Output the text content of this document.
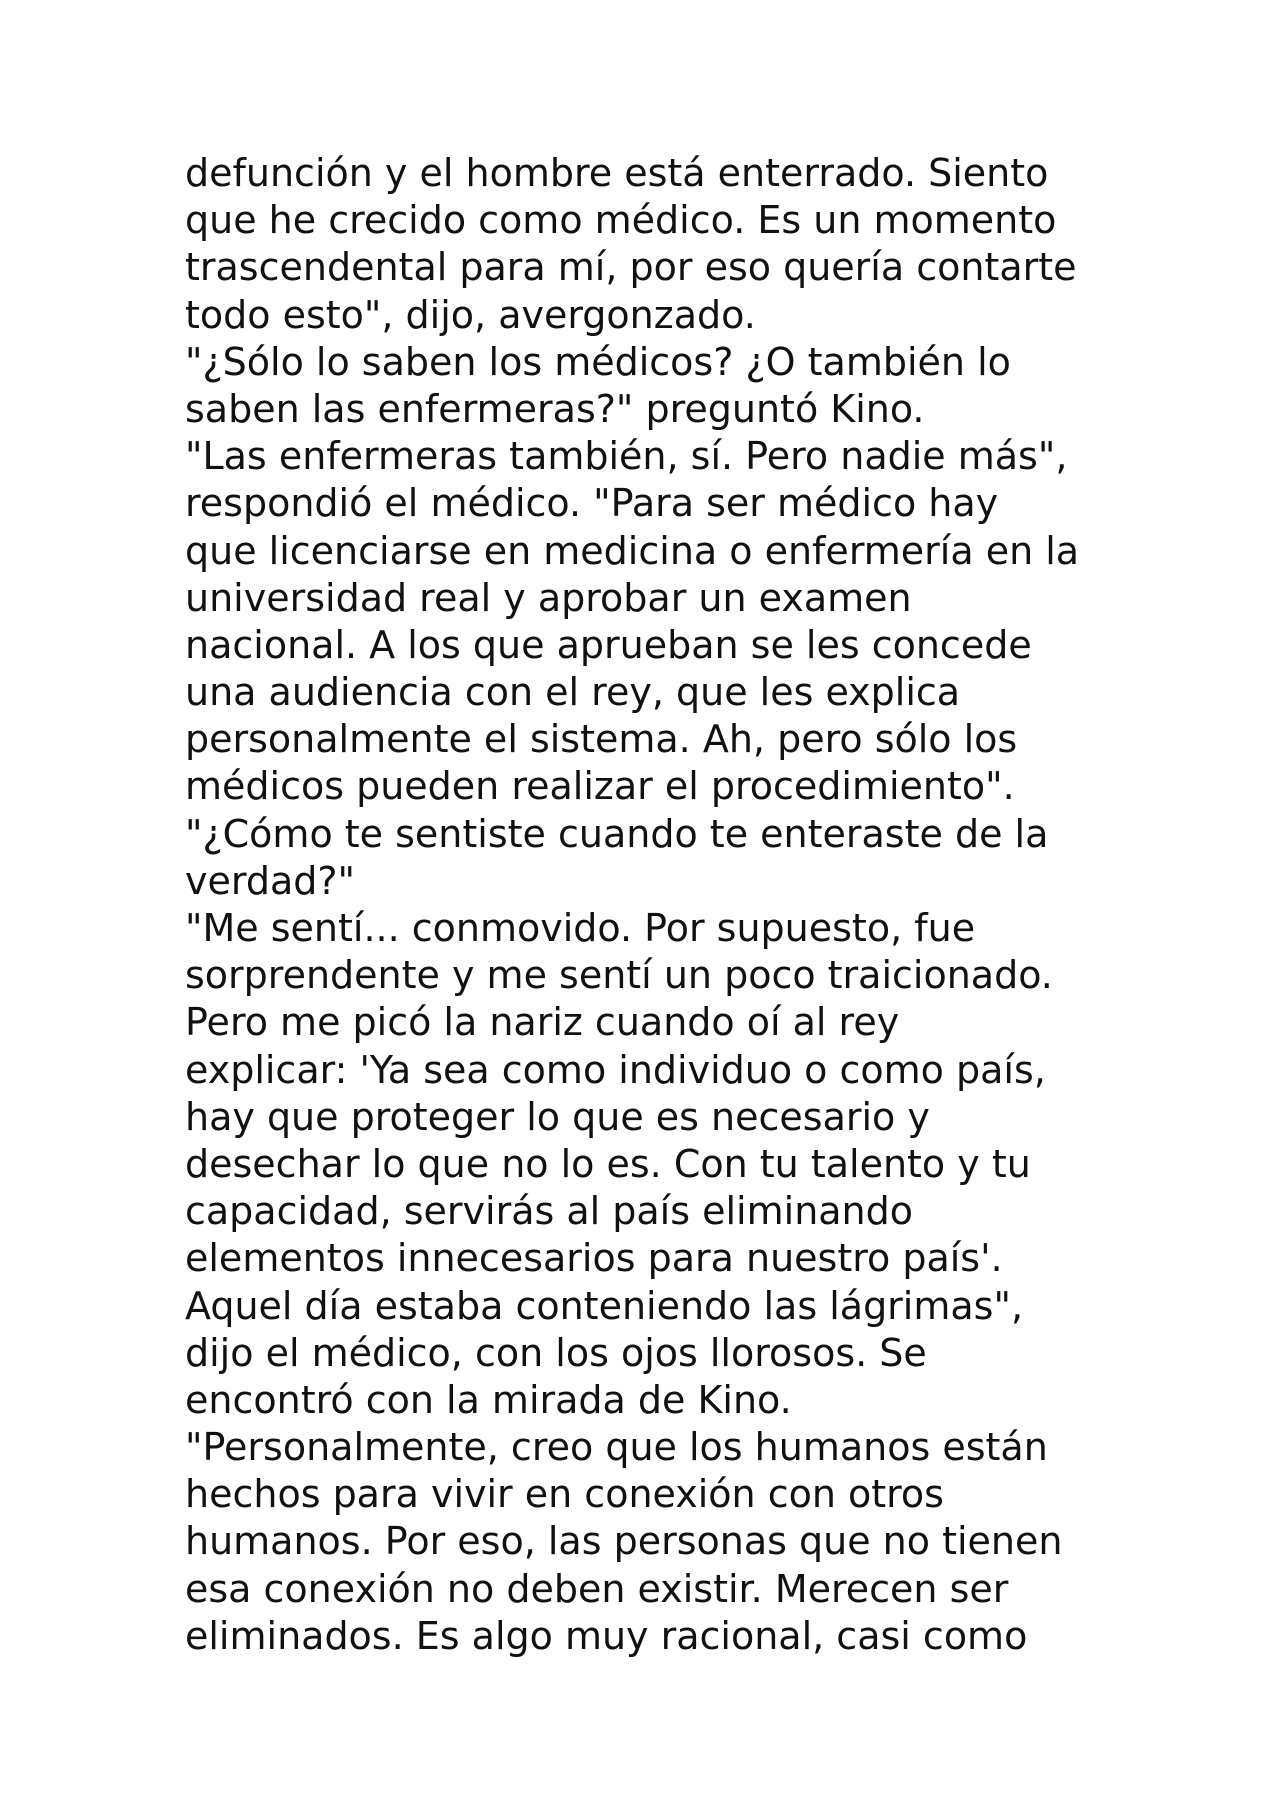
defunción y el hombre está enterrado. Siento
que he crecido como médico. Es un momento
trascendental para mí, por eso quería contarte
todo esto", dijo, avergonzado.
"¿Sólo lo saben los médicos? ¿O también lo
saben las enfermeras?" preguntó Kino.
"Las enfermeras también, sí. Pero nadie más",
respondió el médico. "Para ser médico hay
que licenciarse en medicina o enfermería en la
universidad real y aprobar un examen
nacional. A los que aprueban se les concede
una audiencia con el rey, que les explica
personalmente el sistema. Ah, pero sólo los
médicos pueden realizar el procedimiento".
"¿Cómo te sentiste cuando te enteraste de la
verdad?"
"Me sentí... conmovido. Por supuesto, fue
sorprendente y me sentí un poco traicionado.
Pero me picó la nariz cuando oí al rey
explicar: 'Ya sea como individuo o como país,
hay que proteger lo que es necesario y
desechar lo que no lo es. Con tu talento y tu
capacidad, servirás al país eliminando
elementos innecesarios para nuestro país'.
Aquel día estaba conteniendo las lágrimas",
dijo el médico, con los ojos llorosos. Se
encontró con la mirada de Kino.
"Personalmente, creo que los humanos están
hechos para vivir en conexión con otros
humanos. Por eso, las personas que no tienen
esa conexión no deben existir. Merecen ser
eliminados. Es algo muy racional, casi como
